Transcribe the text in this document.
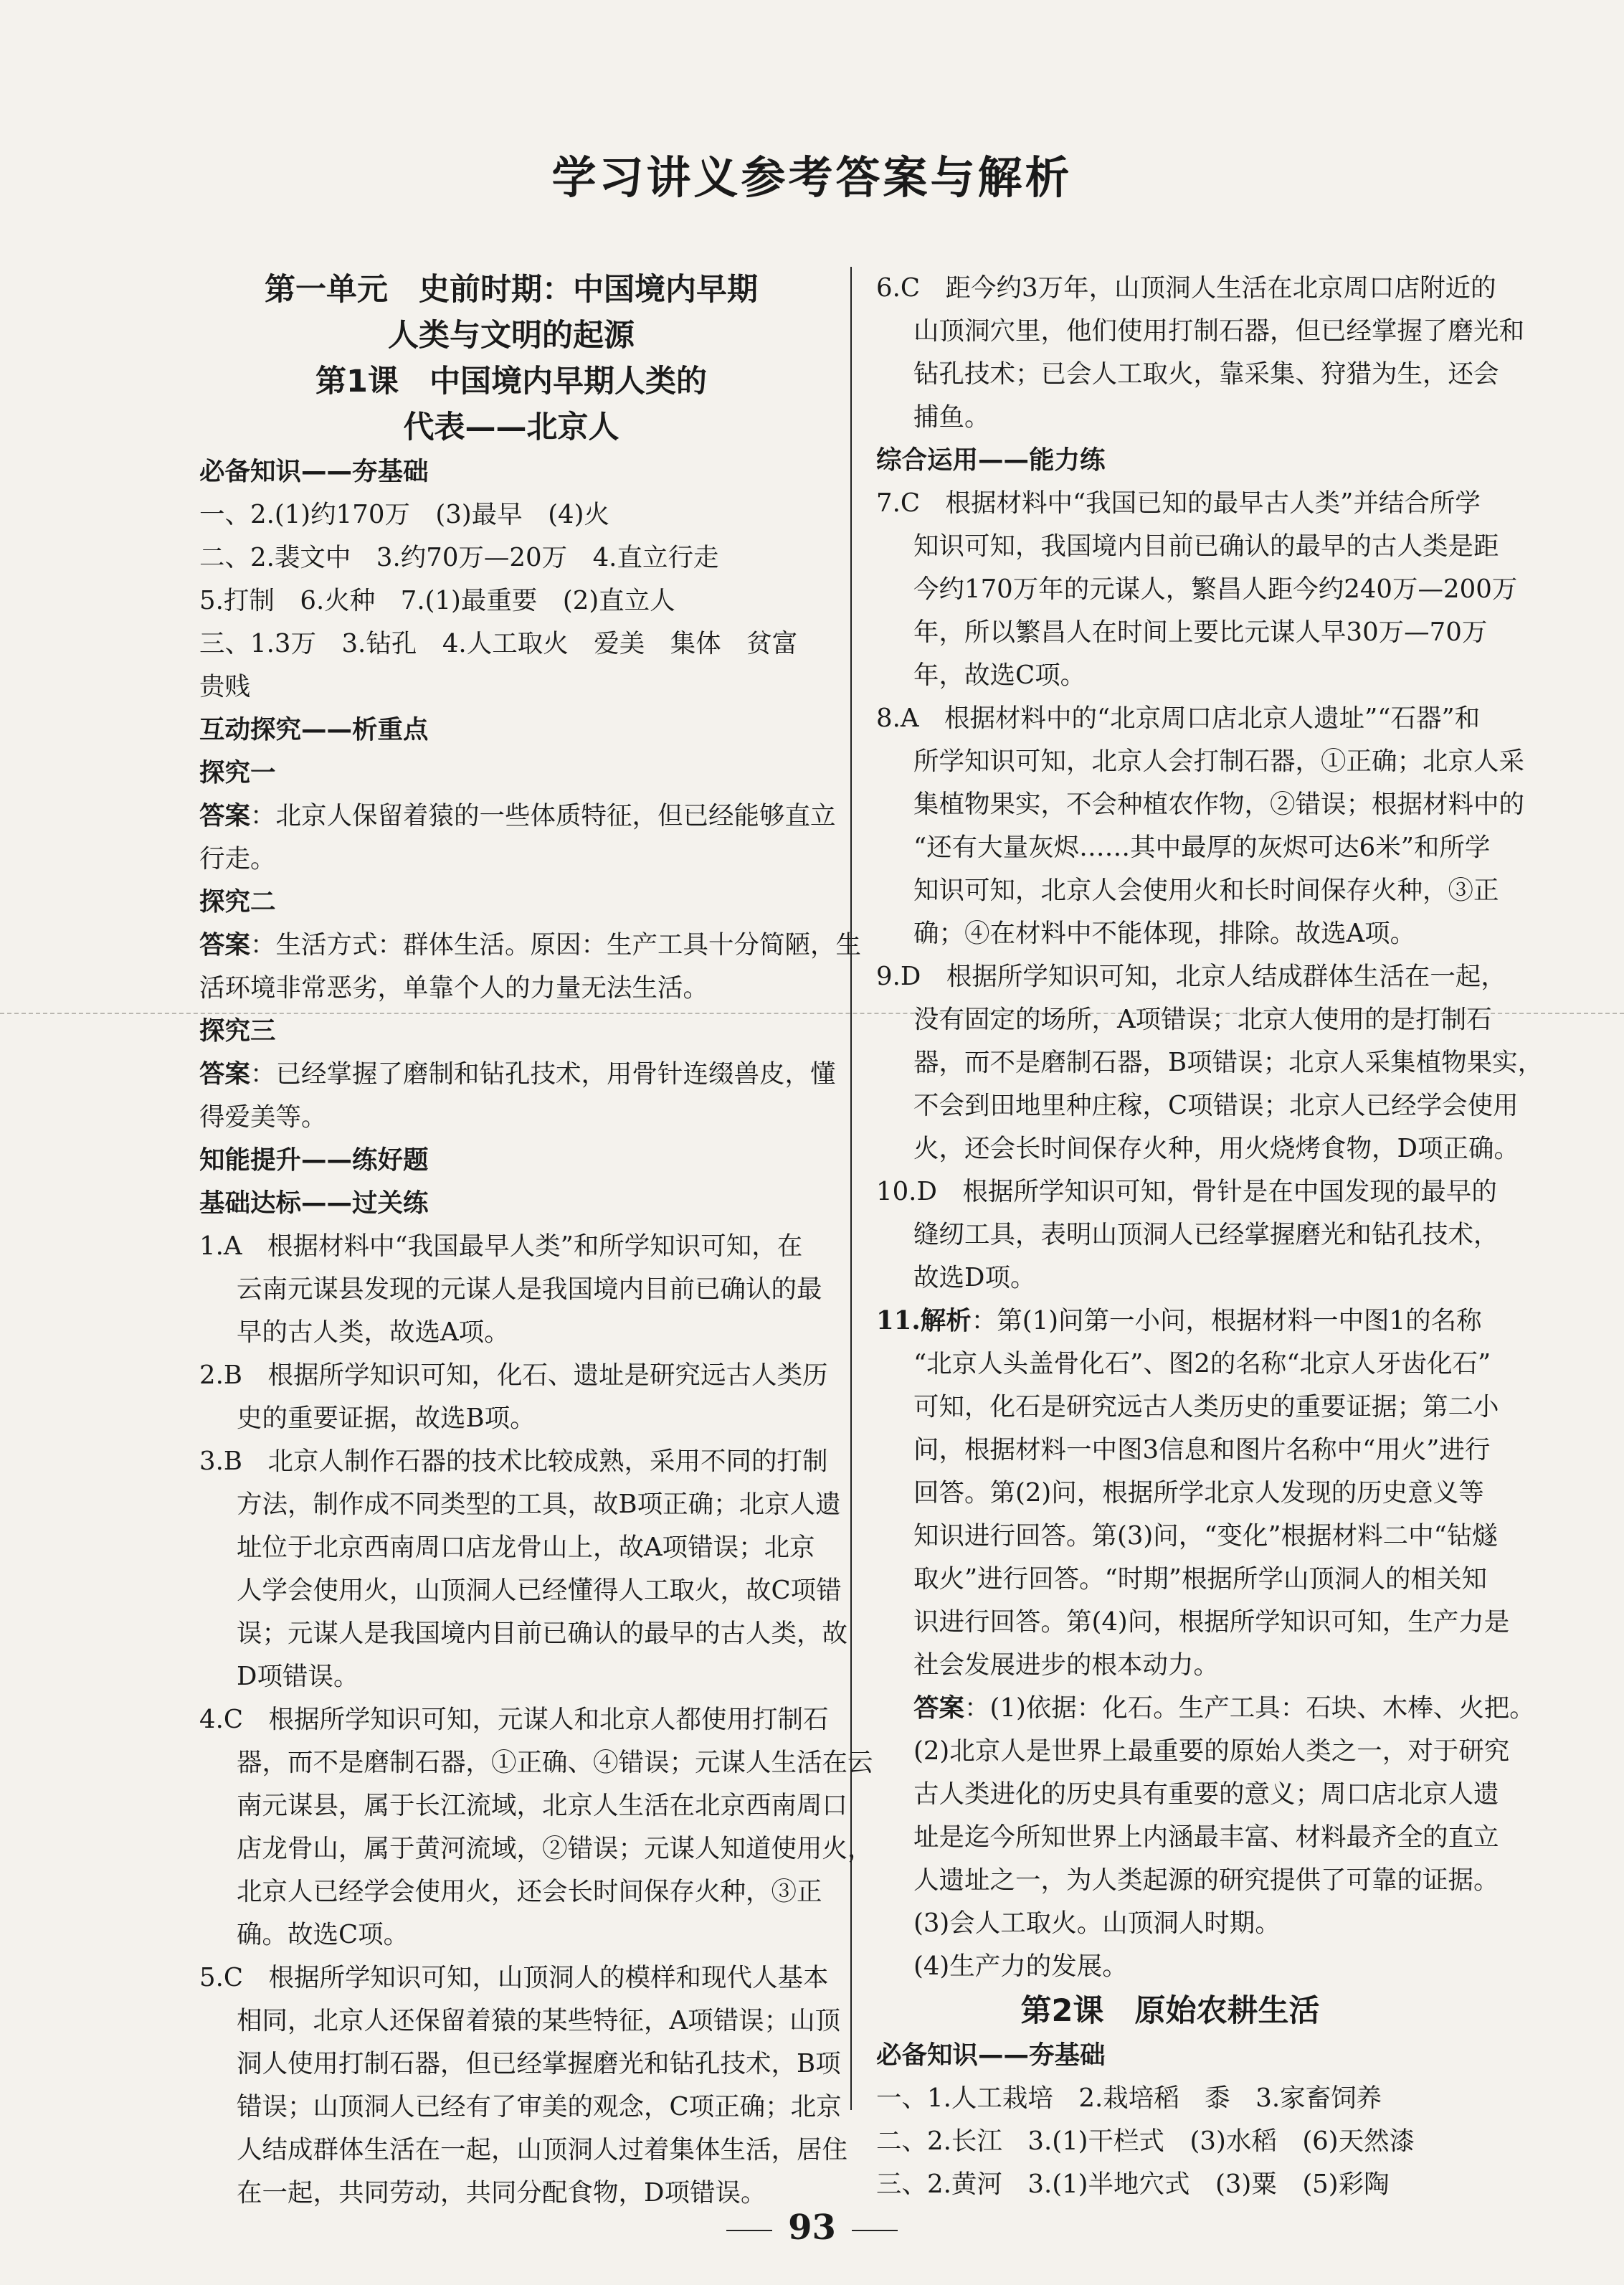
学习讲义参考答案与解析
第一单元　史前时期：中国境内早期
人类与文明的起源
第1课　中国境内早期人类的
代表——北京人
必备知识——夯基础
一、2.(1)约170万　(3)最早　(4)火
二、2.裴文中　3.约70万—20万　4.直立行走
5.打制　6.火种　7.(1)最重要　(2)直立人
三、1.3万　3.钻孔　4.人工取火　爱美　集体　贫富
贵贱
互动探究——析重点
探究一
答案：北京人保留着猿的一些体质特征，但已经能够直立
行走。
探究二
答案：生活方式：群体生活。原因：生产工具十分简陋，生
活环境非常恶劣，单靠个人的力量无法生活。
探究三
答案：已经掌握了磨制和钻孔技术，用骨针连缀兽皮，懂
得爱美等。
知能提升——练好题
基础达标——过关练
1.A　根据材料中“我国最早人类”和所学知识可知，在
云南元谋县发现的元谋人是我国境内目前已确认的最
早的古人类，故选A项。
2.B　根据所学知识可知，化石、遗址是研究远古人类历
史的重要证据，故选B项。
3.B　北京人制作石器的技术比较成熟，采用不同的打制
方法，制作成不同类型的工具，故B项正确；北京人遗
址位于北京西南周口店龙骨山上，故A项错误；北京
人学会使用火，山顶洞人已经懂得人工取火，故C项错
误；元谋人是我国境内目前已确认的最早的古人类，故
D项错误。
4.C　根据所学知识可知，元谋人和北京人都使用打制石
器，而不是磨制石器，①正确、④错误；元谋人生活在云
南元谋县，属于长江流域，北京人生活在北京西南周口
店龙骨山，属于黄河流域，②错误；元谋人知道使用火，
北京人已经学会使用火，还会长时间保存火种，③正
确。故选C项。
5.C　根据所学知识可知，山顶洞人的模样和现代人基本
相同，北京人还保留着猿的某些特征，A项错误；山顶
洞人使用打制石器，但已经掌握磨光和钻孔技术，B项
错误；山顶洞人已经有了审美的观念，C项正确；北京
人结成群体生活在一起，山顶洞人过着集体生活，居住
在一起，共同劳动，共同分配食物，D项错误。
6.C　距今约3万年，山顶洞人生活在北京周口店附近的
山顶洞穴里，他们使用打制石器，但已经掌握了磨光和
钻孔技术；已会人工取火，靠采集、狩猎为生，还会
捕鱼。
综合运用——能力练
7.C　根据材料中“我国已知的最早古人类”并结合所学
知识可知，我国境内目前已确认的最早的古人类是距
今约170万年的元谋人，繁昌人距今约240万—200万
年，所以繁昌人在时间上要比元谋人早30万—70万
年，故选C项。
8.A　根据材料中的“北京周口店北京人遗址”“石器”和
所学知识可知，北京人会打制石器，①正确；北京人采
集植物果实，不会种植农作物，②错误；根据材料中的
“还有大量灰烬……其中最厚的灰烬可达6米”和所学
知识可知，北京人会使用火和长时间保存火种，③正
确；④在材料中不能体现，排除。故选A项。
9.D　根据所学知识可知，北京人结成群体生活在一起，
没有固定的场所，A项错误；北京人使用的是打制石
器，而不是磨制石器，B项错误；北京人采集植物果实，
不会到田地里种庄稼，C项错误；北京人已经学会使用
火，还会长时间保存火种，用火烧烤食物，D项正确。
10.D　根据所学知识可知，骨针是在中国发现的最早的
缝纫工具，表明山顶洞人已经掌握磨光和钻孔技术，
故选D项。
11.解析：第(1)问第一小问，根据材料一中图1的名称
“北京人头盖骨化石”、图2的名称“北京人牙齿化石”
可知，化石是研究远古人类历史的重要证据；第二小
问，根据材料一中图3信息和图片名称中“用火”进行
回答。第(2)问，根据所学北京人发现的历史意义等
知识进行回答。第(3)问，“变化”根据材料二中“钻燧
取火”进行回答。“时期”根据所学山顶洞人的相关知
识进行回答。第(4)问，根据所学知识可知，生产力是
社会发展进步的根本动力。
答案：(1)依据：化石。生产工具：石块、木棒、火把。
(2)北京人是世界上最重要的原始人类之一，对于研究
古人类进化的历史具有重要的意义；周口店北京人遗
址是迄今所知世界上内涵最丰富、材料最齐全的直立
人遗址之一，为人类起源的研究提供了可靠的证据。
(3)会人工取火。山顶洞人时期。
(4)生产力的发展。
第2课　原始农耕生活
必备知识——夯基础
一、1.人工栽培　2.栽培稻　黍　3.家畜饲养
二、2.长江　3.(1)干栏式　(3)水稻　(6)天然漆
三、2.黄河　3.(1)半地穴式　(3)粟　(5)彩陶
93
